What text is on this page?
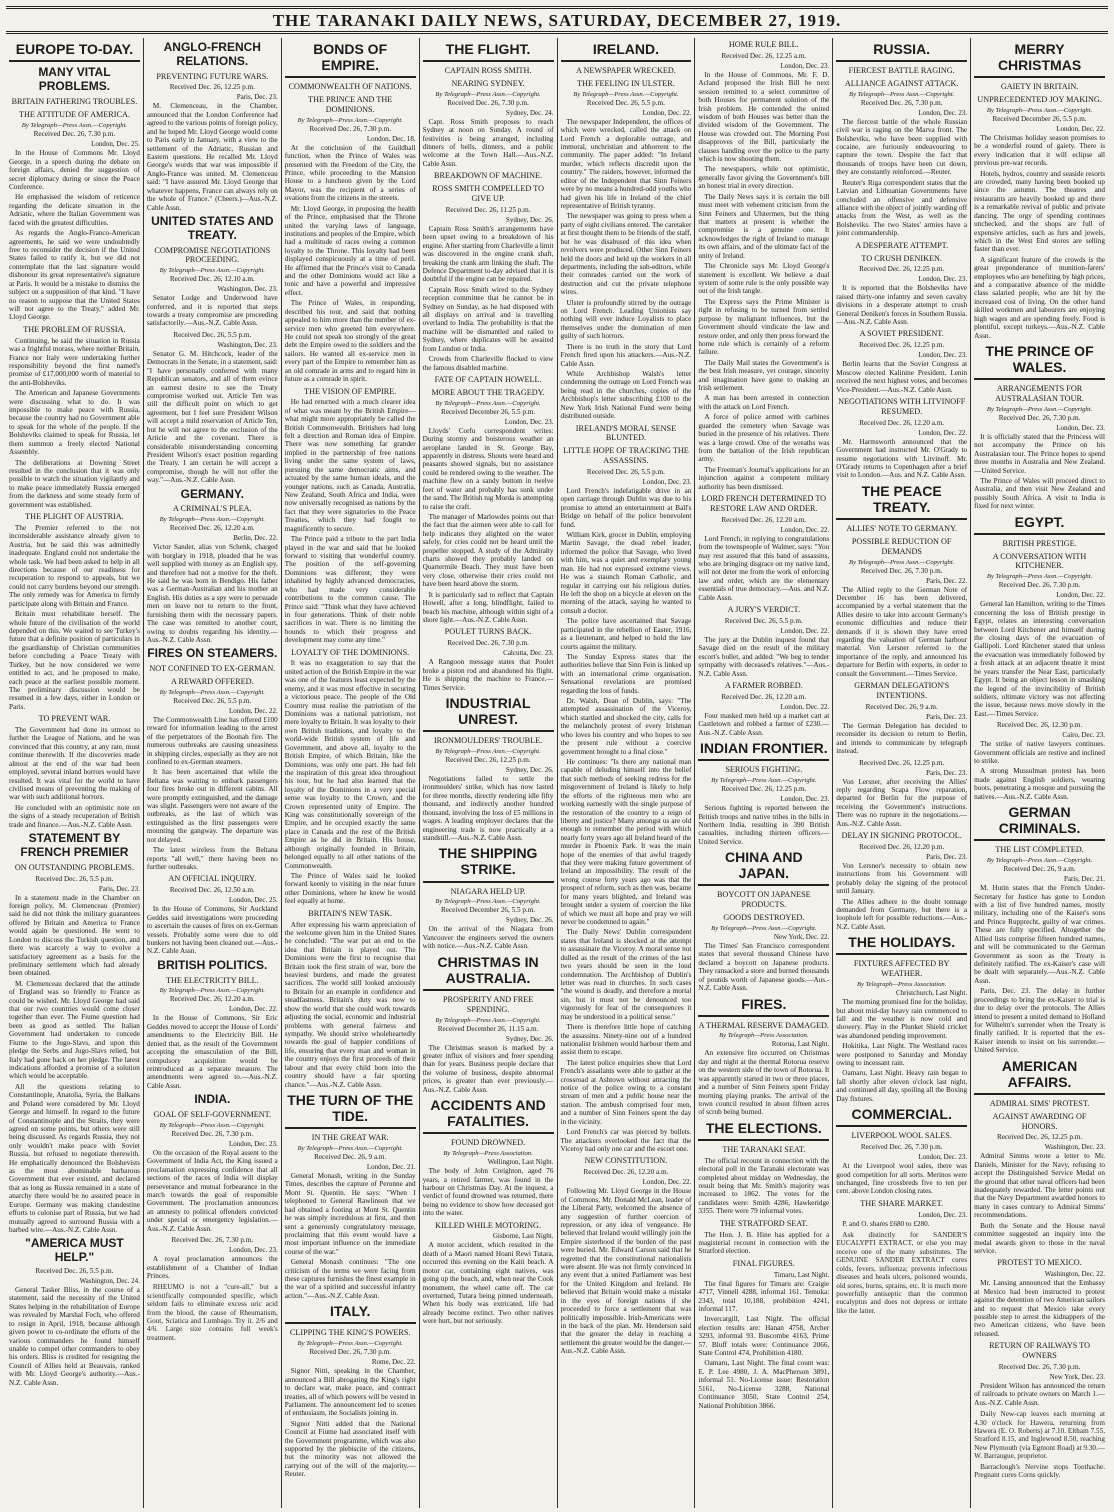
THE TARANAKI DAILY NEWS, SATURDAY, DECEMBER 27, 1919.
EUROPE TO-DAY.
MANY VITAL PROBLEMS.
BRITAIN FATHERING TROUBLES.
THE ATTITUDE OF AMERICA.
By Telegraph—Press Assn.—Copyright.
Received Dec. 26, 7.30 p.m.
London, Dec. 25.

In the House of Commons Mr. Lloyd George, in a speech during the debate on foreign affairs, denied the suggestion of secret diplomacy during or since the Peace Conference.

He emphasised the wisdom of reticence regarding the delicate situation in the Adriatic, where the Italian Government was faced with the greatest difficulties.

As regards the Anglo-Franco-American agreements, he said we were undoubtedly free to reconsider the decision if the United States failed to ratify it, but we did not contemplate that the last signature would dishonour its great representative's signature at Paris. It would be a mistake to dismiss the subject on a supposition of that kind. "I have no reason to suppose that the United States will not agree to the Treaty," added Mr. Lloyd George.

THE PROBLEM OF RUSSIA.

Continuing, he said the situation in Russia was a frightful morass, where neither Britain, France nor Italy were undertaking further responsibility beyond the first named's promise of £17,000,000 worth of material to the anti-Bolsheviks.

The American and Japanese Governments were discussing what to do. It was impossible to make peace with Russia, because the country had no Government able to speak for the whole of the people. If the Bolsheviks claimed to speak for Russia, let them summon a freely elected National Assembly.

The deliberations at Downing Street resulted in the conclusion that it was only possible to watch the situation vigilantly and to make peace immediately Russia emerged from the darkness and some steady form of government was established.

THE PLIGHT OF AUSTRIA.

The Premier referred to the not inconsiderable assistance already given to Austria, but he said this was admittedly inadequate. England could not undertake the whole task. We had been asked to help in all directions because of our readiness for recuperation to respond to appeals, but we could not carry burdens beyond our strength. The only remedy was for America to firmly participate along with Britain and France.

Britain must rehabilitate herself. The whole future of the civilisation of the world depended on this. We waited to see Turkey's future that a definite position of particulars in the guardianship of Christian communities before concluding a Peace Treaty with Turkey, but he now considered we were entitled to act, and he proposed to make, each peace at the earliest possible moment. The preliminary discussion would be resumed in a few days, either in London or Paris.

TO PREVENT WAR.

The Government had done its utmost to further the League of Nations, and he was convinced that this country, at any rate, must continue therewith. If the discoveries made almost at the end of the war had been employed, several inland horrors would have resulted. It was vital for the world to have civilised means of preventing the making of war with such additional horrors.

He concluded with an optimistic note on the signs of a steady recuperation of British trade and finance.—Aus.-N.Z. Cable Assn.

STATEMENT BY FRENCH PREMIER
ON OUTSTANDING PROBLEMS.
Received Dec. 26, 5.5 p.m.
Paris, Dec. 23.

In a statement made in the Chamber on foreign policy, M. Clemenceau (Premier) said he did not think the military guarantees offered by Britain and America to France would again be questioned. He went to London to discuss the Turkish question, and there was scarcely a way to evolve a satisfactory agreement as a basis for the preliminary settlement which had already been obtained.

M. Clemenceau declared that the attitude of England was so friendly to France as could be wished. Mr. Lloyd George had said that our two countries would come closer together than ever. The Fiume question had been as good as settled. The Italian Government had undertaken to concede Fiume to the Jugo-Slavs, and upon this pledge the Serbs and Jugo-Slavs relied, but Italy had gone back on her pledge. The latest indications afforded a promise of a solution which would be acceptable.

All the questions relating to Constantinople, Anatolia, Syria, the Balkans and Poland were considered by Mr. Lloyd George and himself. In regard to the future of Constantinople and the Straits, they were agreed on some points, but others were still being discussed. As regards Russia, they not only wouldn't make peace with Soviet Russia, but refused to negotiate therewith. He emphatically denounced the Bolshevists as the most abominable barbarous Government that ever existed, and declared that as long as Russia remained in a state of anarchy there would be no assured peace in Europe. Germany was making clandestine efforts to colonise part of Russia, but we had mutually agreed to surround Russia with a barbed wire.—Aus.-N.Z. Cable Assn.

"AMERICA MUST HELP."
Received Dec. 26, 5.5 p.m.
Washington, Dec. 24.

General Tasker Bliss, in the course of a statement, said the necessity of the United States helping in the rehabilitation of Europe was revealed by Marshal Foch, who offered to resign in April, 1918, because although given power to co-ordinate the efforts of the various commanders he found himself unable to compel other commanders to obey his orders. Bliss is credited for resigning the Council of Allies held at Beauvais, ranked with Mr. Lloyd George's authority.—Aus.-N.Z. Cable Assn.

ANGLO-FRENCH RELATIONS.
PREVENTING FUTURE WARS.
Received Dec. 26, 12.25 p.m.
Paris, Dec. 23.

M. Clemenceau, in the Chamber, announced that the London Conference had agreed to the various points of foreign policy, and he hoped Mr. Lloyd George would come to Paris early in January, with a view to the settlement of the Adriatic, Russian and Eastern questions. He recalled Mr. Lloyd George's words that war was impossible if Anglo-France was united. M. Clemenceau said: "I have assured Mr. Lloyd George that whatever happens, France can always rely on the whole of France." (Cheers.)—Aus.-N.Z. Cable Assn.

UNITED STATES AND TREATY.
COMPROMISE NEGOTIATIONS PROCEEDING.
By Telegraph—Press Assn.—Copyright.
Received Dec. 26, 12.10 a.m.
Washington, Dec. 23.

Senator Lodge and Underwood have conferred, and it is reported that steps towards a treaty compromise are proceeding satisfactorily.—Aus.-N.Z. Cable Assn.

Received Dec. 26, 5.5 p.m.
Washington, Dec. 23.

Senator G. M. Hitchcock, leader of the Democrats in the Senate, in a statement, said: "I have personally conferred with many Republican senators, and all of them evince an earnest desire to see the Treaty compromise worked out. Article Ten was still the difficult point on which to get agreement, but I feel sure President Wilson will accept a mild reservation of Article Ten, but he will not agree to the exclusion of the Article and the covenant. There is considerable misunderstanding concerning President Wilson's exact position regarding the Treaty. I am certain he will accept a compromise, though he will not offer the way."—Aus.-N.Z. Cable Assn.

GERMANY.
A CRIMINAL'S PLEA.
By Telegraph—Press Assn.—Copyright.
Received Dec. 26, 12.20 a.m.
Berlin, Dec. 22.

Victor Sander, alias von Schenk, charged with burglary in 1918, pleaded that he was well supplied with money as an English spy, and therefore had not a motive for the theft. He said he was born in Bendigo. His father was a German-Australian and his mother an English. His duties as a spy were to persuade men on leave not to return to the front, furnishing them with the necessary papers. The case was remitted to another court, owing to doubts regarding his identity.—Aus.-N.Z. Cable Assn.

FIRES ON STEAMERS.
NOT CONFINED TO EX-GERMAN.
A REWARD OFFERED.
By Telegraph—Press Assn.—Copyright.
Received Dec. 26, 5.5 p.m.
London, Dec. 22.

The Commonwealth Line has offered £100 reward for information leading to the arrest of the perpetrators of the Boonah fire. The numerous outbreaks are causing uneasiness in shipping circles, especially as they are not confined to ex-German steamers.

It has been ascertained that while the Beltana was waiting to embark passengers four fires broke out in different cabins. All were promptly extinguished, and the damage was slight. Passengers were not aware of the outbreaks, as the last of which was extinguished as the first passengers were mounting the gangway. The departure was not delayed.

The latest wireless from the Beltana reports "all well," there having been no further outbreaks.

AN OFFICIAL INQUIRY.
Received Dec. 26, 12.50 a.m.
London, Dec. 25.

In the House of Commons, Sir Auckland Geddes said investigations were proceeding to ascertain the causes of fires on ex-German vessels. Probably some were due to old bunkers not having been cleaned out.—Aus.-N.Z. Cable Assn.

BRITISH POLITICS.
THE ELECTRICITY BILL.
By Telegraph—Press Assn.—Copyright.
Received Dec. 26, 12.20 a.m.
London, Dec. 22.

In the House of Commons, Sir Eric Geddes moved to accept the House of Lords' amendments to the Electricity Bill. He denied that, as the result of the Government accepting the emasculation of the Bill, compulsory acquisition would be reintroduced as a separate measure. The amendments were agreed to.—Aus.-N.Z. Cable Assn.

INDIA.
GOAL OF SELF-GOVERNMENT.
By Telegraph—Press Assn.—Copyright.
Received Dec. 26, 7.30 p.m.
London, Dec. 23.

On the occasion of the Royal assent to the Government of India Act, the King issued a proclamation expressing confidence that all sections of the races of India will display perseverance and mutual forbearance in the march towards the goal of responsible Government. The proclamation announces an amnesty to political offenders convicted under special or emergency legislation.—Aus.-N.Z. Cable Assn.

Received Dec. 26, 7.30 p.m.
London, Dec. 23.

A royal proclamation announces the establishment of a Chamber of Indian Princes.

RHEUMO is not a "cure-all," but a scientifically compounded specific, which seldom fails to eliminate excess uric acid from the blood, the cause of Rheumatism, Gout, Sciatica and Lumbago. Try it. 2/6 and 4/6. Large size contains full week's treatment.

BONDS OF EMPIRE.
COMMONWEALTH OF NATIONS.
THE PRINCE AND THE DOMINIONS.
By Telegraph—Press Assn.—Copyright.
Received Dec. 26, 7.30 p.m.
London, Dec. 18.

At the conclusion of the Guildhall function, when the Prince of Wales was presented with the Freedom of the City, the Prince, while proceeding to the Mansion House to a luncheon given by the Lord Mayor, was the recipient of a series of ovations from the citizens in the streets.

Mr. Lloyd George, in proposing the health of the Prince, emphasised that the Throne united the varying laws of language, institutions and peoples of the Empire, which had a multitude of races owing a common loyalty to the Throne. This loyalty had been displayed conspicuously at a time of peril. He affirmed that the Prince's visit to Canada and the other Dominions would act like a tonic and have a powerful and impressive effect.

The Prince of Wales, in responding, described his tour, and said that nothing appealed to him more than the number of ex-service men who greeted him everywhere. He could not speak too strongly of the great debt the Empire owed to the soldiers and the sailors. He wanted all ex-service men in every part of the Empire to remember him as an old comrade in arms and to regard him in future as a comrade in spirit.

THE VISION OF EMPIRE.

He had returned with a much clearer idea of what was meant by the British Empire—what might more appropriately be called the British Commonwealth. Britishers had long felt a direction and Roman idea of Empire. There was now something far grander implied in the partnership of free nations living under the same system of laws, pursuing the same democratic aims, and actuated by the same human ideals, and the younger nations, such as Canada, Australia, New Zealand, South Africa and India, were now universally recognised as nations by the fact that they were signatories to the Peace Treaties, which they had fought to magnificently to secure.

The Prince paid a tribute to the part India played in the war and said that he looked forward to visiting that wonderful country. The position of the self-governing Dominions was different; they were inhabited by highly advanced democracies, who had made very considerable contributions to the common cause. The Prince said: "Think what they have achieved in four generations. Think of their noble sacrifices in war. There is no limiting the bounds to which their progress and development may come any time."

LOYALTY OF THE DOMINIONS.

It was no exaggeration to say that the united action of the British Empire in the war was one of the features least expected by the enemy, and it was most effective in securing a victorious peace. The people of the Old Country must realise the patriotism of the Dominions was a national patriotism, not mere loyalty to Britain. It was loyalty to their own British traditions, and loyalty to the world-wide British system of life and Government, and above all, loyalty to the British Empire, of which Britain, like the Dominions, was only one part. He had felt the inspiration of this great idea throughout his tour, but he had also learned that the loyalty of the Dominions in a very special sense was loyalty to the Crown, and the Crown represented unity of Empire. The King was constitutionally sovereign of the Empire, and he occupied exactly the same place in Canada and the rest of the British Empire as he did in Britain. His house, although originally founded in Britain, belonged equally to all other nations of the Commonwealth.

The Prince of Wales said he looked forward keenly to visiting in the near future other Dominions, where he knew he would feel equally at home.

BRITAIN'S NEW TASK.

After expressing his warm appreciation of the welcome given him in the United States he concluded: "The war put an end to the idea that Britain is played out. The Dominions were the first to recognise that Britain took the first strain of war, bore the heaviest burdens, and made the greatest sacrifices. The world still looked anxiously to Britain for an example in confidence and steadfastness. Britain's duty was now to show the world that she could work towards adjusting the social, economic and industrial problems with general fairness and sympathy. We should strive wholeheartedly towards the goal of happier conditions of life, ensuring that every man and woman in the country enjoys the first proceeds of their labour and that every child born into the country should have a fair sporting chance."—Aus.-N.Z. Cable Assn.

THE TURN OF THE TIDE.
IN THE GREAT WAR.
By Telegraph—Press Assn.—Copyright.
Received Dec. 26, 9 a.m.
London, Dec. 21.

General Monash, writing in the Sunday Times, describes the capture of Peronne and Mont St. Quentin. He says: "When I telephoned to General Rawlinson that we had obtained a footing at Mont St. Quentin he was simply incredulous at first, and then sent a generously congratulatory message, proclaiming that this event would have a most important influence on the immediate course of the war."

General Monash continues: "The one criticism of the terms we were facing from these captures furnishes the finest example in the war of a spirited and successful infantry action."—Aus.-N.Z. Cable Assn.

ITALY.
CLIPPING THE KING'S POWERS.
By Telegraph—Press Assn.—Copyright.
Received Dec. 26, 7.30 p.m.
Rome, Dec. 22.

Signor Nitti, speaking in the Chamber, announced a Bill abrogating the King's right to declare war, make peace, and contract treaties, all of which powers will be vested in Parliament. The announcement led to scenes of enthusiasm, the Socialists joining in.

Signor Nitti added that the National Council at Fiume had associated itself with the Government programme, which was also supported by the plebiscite of the citizens, but the minority was not allowed the carrying out of the will of the majority.—Reuter.

THE FLIGHT.
CAPTAIN ROSS SMITH.
NEARING SYDNEY.
By Telegraph—Press Assn.—Copyright.
Received Dec. 26, 7.30 p.m.
Sydney, Dec. 24.

Capt. Ross Smith proposes to reach Sydney at noon on Sunday. A round of festivities is being arranged, including dinners of bells, dinners, and a public welcome at the Town Hall.—Aus.-N.Z. Cable Assn.

BREAKDOWN OF MACHINE.
ROSS SMITH COMPELLED TO GIVE UP.
Received Dec. 26, 11.25 p.m.
Sydney, Dec. 26.

Captain Ross Smith's arrangements have been upset owing to a breakdown of his engine. After starting from Charleville a limit was discovered in the engine crank shaft, breaking the crank arm linking the shaft. The Defence Department to-day advised that it is doubtful if the engine can be repaired.

Captain Ross Smith wired to the Sydney reception committee that he cannot be in Sydney on Sunday, as he had disposed with all displays on arrival and is travelling overland to India. The probability is that the machine will be dismantled and railed to Sydney, where duplicates will be awaited from London or India.

Crowds from Charleville flocked to view the famous disabled machine.

FATE OF CAPTAIN HOWELL.
MORE ABOUT THE TRAGEDY.
By Telegraph—Press Assn.—Copyright.
Received December 26, 5.5 p.m.
London, Dec. 23.

Lloyds' Corfu correspondent writes: During stormy and boisterous weather an aeroplane landed in St. George Bay, apparently in distress. Shouts were heard and peasants showed signals, but no assistance could be rendered owing to the weather. The machine flew on a sandy bottom in twelve feet of water and probably has sunk under the sand. The British tug Morda is attempting to raise the craft.

The manager of Marlowdes points out that the fact that the airmen were able to call for help indicates they alighted on the water safely, for cries could not be heard until the propeller stopped. A study of the Admiralty charts showed they probably landed on Quartermile Beach. They must have been very close, otherwise their cries could not have been heard above the storm.

It is particularly sad to reflect that Captain Howell, after a long, blindflight, failed to beach his machine, although within sight of a shore light.—Aus.-N.Z. Cable Assn.

POULET TURNS BACK.
Received Dec. 26, 7.30 p.m.
Calcutta, Dec. 23.

A Rangoon message states that Poulet broke a piston rod and abandoned his flight. He is shipping the machine to France.—Times Service.

INDUSTRIAL UNREST.
IRONMOULDERS' TROUBLE.
By Telegraph—Press Assn.—Copyright.
Received Dec. 26, 12.25 p.m.
Sydney, Dec. 26.

Negotiations failed to settle the ironmoulders' strike, which has now lasted for three months, directly rendering idle fifty thousand, and indirectly another hundred thousand, involving the loss of £5 millions in wages. A leading employer declares that the engineering trade is now practically at a standstill.—Aus.-N.Z. Cable Assn.

THE SHIPPING STRIKE.
NIAGARA HELD UP.
By Telegraph—Press Assn.—Copyright.
Received December 26, 5.5 p.m.
Sydney, Dec. 26.

On the arrival of the Niagara from Vancouver the engineers served the owners with notice.—Aus.-N.Z. Cable Assn.

CHRISTMAS IN AUSTRALIA.
PROSPERITY AND FREE SPENDING.
By Telegraph—Press Assn.—Copyright.
Received December 26, 11.15 a.m.
Sydney, Dec. 26.

The Christmas season is marked by a greater influx of visitors and freer spending than for years. Business people declare that the volume of business, despite abnormal prices, is greater than ever previously.—Aus.-N.Z. Cable Assn.

ACCIDENTS AND FATALITIES.
FOUND DROWNED.
By Telegraph—Press Association.
Wellington, Last Night.

The body of John Creighton, aged 76 years, a retired farmer, was found in the harbour on Christmas Day. At the inquest, a verdict of found drowned was returned, there being no evidence to show how deceased got into the water.

KILLED WHILE MOTORING.
Gisborne, Last Night.

A motor accident, which resulted in the death of a Maori named Hoani Rewi Tutara, occurred this evening on the Kaiti beach. A motor car, containing eight natives, was going up the beach, and, when near the Cook monument, the wheel came off. The car overturned, Tutara being pinned underneath. When his body was extricated, life had already become extinct. Two other natives were hurt, but not seriously.

IRELAND.
A NEWSPAPER WRECKED.
THE FEELING IN ULSTER.
By Telegraph—Press Assn.—Copyright.
Received Dec. 26, 5.5 p.m.
London, Dec. 22.

The newspaper Independent, the offices of which were wrecked, called the attack on Lord French a deplorable outrage, and immoral, unchristian and abhorrent to the community. The paper added: "In Ireland murder, which reflects discredit upon the country." The raiders, however, informed the editor of the Independent that Sinn Feiners were by no means a hundred-odd youths who had given his life in Ireland of the chief representative of British tyranny.

The newspaper was going to press when a party of eight civilians entered. The caretaker at first thought them to be friends of the staff, but he was disabused of this idea when revolvers were produced. Other Sinn Feiners held the doors and held up the workers in all departments, including the sub-editors, while their comrades carried out the work of destruction and cut the private telephone wires.

Ulster is profoundly stirred by the outrage on Lord French. Leading Unionists say nothing will ever induce Loyalists to place themselves under the domination of men guilty of such horrors.

There is no truth in the story that Lord French fired upon his attackers.—Aus.-N.Z. Cable Assn.

While Archbishop Walsh's letter condemning the outrage on Lord French was being read in the churches, copies of the Archbishop's letter subscribing £100 to the New York Irish National Fund were being distributed outside.

IRELAND'S MORAL SENSE BLUNTED.
LITTLE HOPE OF TRACKING THE ASSASSINS.
Received Dec. 26, 5.5 p.m.
London, Dec. 23.

Lord French's indefatigable drive in an open carriage through Dublin was due to his promise to attend an entertainment at Ball's Bridge on behalf of the police benevolent fund.

William Kirk, grocer in Dublin, employing Martin Savage, the dead rebel leader, informed the police that Savage, who lived with him, was a quiet and exemplary young man. He had not expressed extreme views. He was a staunch Roman Catholic, and regular in carrying out his religious duties. He left the shop on a bicycle at eleven on the morning of the attack, saying he wanted to consult a doctor.

The police have ascertained that Savage participated in the rebellion of Easter, 1916, as a lieutenant, and helped to hold the law courts against the military.

The Sunday Express states that the authorities believe that Sinn Fein is linked up with an international crime organisation. Sensational revelations are promised regarding the loss of funds.

Dr. Walsh, Dean of Dublin, says: "The attempted assassination of the Viceroy, which startled and shocked the city, calls for the melancholy protest of every Irishman who loves his country and who hopes to see the present rule without a coercive government brought to a final close."

He continues: "Is there any national man capable of deluding himself into the belief that such methods of seeking redress for the misgovernment of Ireland is likely to help the efforts of the righteous men who are working earnestly with the single purpose of the restoration of the country to a reign of liberty and justice? Many amongst us are old enough to remember the period with which nearly forty years ago all Ireland heard of the murder in Phoenix Park. It was the main hope of the enemies of that awful tragedy that they were making future government of Ireland an impossibility. The result of the wrong course forty years ago was that the prospect of reform, such as then was, became for many years blighted, and Ireland was brought under a system of coercion the like of which we must all hope and pray we will never be condemned to again."

The Daily News' Dublin correspondent states that Ireland is shocked at the attempt to assassinate the Viceroy. A moral sense not dulled as the result of the crimes of the last two years should be seen in the loud condemnation. The Archbishop of Dublin's letter was read in churches. In such cases "the wound is deadly, and therefore a mortal sin, but it must not be denounced too vigorously for fear of the consequences it may be understood in a political sense."

There is therefore little hope of catching the assassins. Ninety-nine out of a hundred nationalist Irishmen would harbour them and assist them to escape.

The latest police enquiries show that Lord French's assailants were able to gather at the crossroad at Ashtown without attracting the notice of the police owing to a constant stream of men and a public house near the station. The ambush comprised four men, and a number of Sinn Feiners spent the day in the vicinity.

Lord French's car was pierced by bullets. The attackers overlooked the fact that the Viceroy had only one car and the escort one.

NEW CONSTITUTION.
Received Dec. 26, 12.20 a.m.
London, Dec. 22.

Following Mr. Lloyd George in the House of Commons, Mr. Donald McLean, leader of the Liberal Party, welcomed the absence of any suggestion of further coercion of repression, or any idea of vengeance. He believed that Ireland would willingly join the Empire sisterhood if the burden of the past were buried. Mr. Edward Carson said that he regretted that the constitutional nationalists were absent. He was not firmly convinced in any event that a united Parliament was best for the United Kingdom and Ireland. He believed that Britain would make a mistake in the eyes of foreign nations if she proceeded to force a settlement that was politically impossible. Irish-Americans were in the back of the plan. Mr. Henderson said that the greater the delay in reaching a settlement the greater would be the danger.—Aus.-N.Z. Cable Assn.

HOME RULE BILL.
Received Dec. 26, 12.25 a.m.
London, Dec. 23.

In the House of Commons, Mr. F. D. Acland proposed the Irish Bill be next session remitted to a select committee of both Houses for permanent solution of the Irish problem. He contended the united wisdom of both Houses was better than the divided wisdom of the Government. The House was crowded out. The Morning Post disapproves of the Bill, particularly the clauses handing over the police to the party which is now shooting them.

The newspapers, while not optimistic, generally favor giving the Government's bill an honest trial in every direction.

The Daily News says it is certain the bill must meet with vehement criticism from the Sinn Feiners and Ulstermen, but the thing that matters at present is whether the compromise is a genuine one. It acknowledges the right of Ireland to manage its own affairs, and of the ultimate fact of the unity of Ireland.

The Chronicle says Mr. Lloyd George's statement is excellent. We believe a dual system of some rule is the only possible way out of the Irish tangle.

The Express says the Prime Minister is right in refusing to be turned from settled purpose by malignant influences, but the Government should vindicate the law and restore order, and only then press forward the home rule which is certainly of a reform failure.

The Daily Mail states the Government's is the best Irish measure, yet courage, sincerity and imagination have gone to making an Irish settlement.

A man has been arrested in connection with the attack on Lord French.

A force of police armed with carbines guarded the cemetery when Savage was buried in the presence of his relatives. There was a large crowd. One of the wreaths was from the battalion of the Irish republican army.

The Freeman's Journal's applications for an injunction against a competent military authority has been dismissed.

LORD FRENCH DETERMINED TO RESTORE LAW AND ORDER.
Received Dec. 26, 12.20 a.m.
London, Dec. 22.

Lord French, in replying to congratulations from the townspeople of Walmer, says: "You may rest assured that this band of assassins, who are bringing disgrace on my native land, will not deter me from the work of enforcing law and order, which are the elementary essentials of true democracy.—Aus. and N.Z. Cable Assn.

A JURY'S VERDICT.
Received Dec. 26, 5.5 p.m.
London, Dec. 22.

The jury at the Dublin inquest found that Savage died on the result of the military escort's bullet, and added: "We beg to tender sympathy with deceased's relatives."—Aus.-N.Z. Cable Assn.

A FARMER ROBBED.
Received Dec. 26, 12.20 a.m.
London, Dec. 22.

Four masked men held up a market cart at Castletown and robbed a farmer of £230.—Aus.-N.Z. Cable Assn.

INDIAN FRONTIER.
SERIOUS FIGHTING.
By Telegraph—Press Assn.—Copyright.
Received Dec. 26, 12.25 p.m.
London, Dec. 23.

Serious fighting is reported between the British troops and native tribes in the hills in Northern India, resulting in 390 British casualties, including thirteen officers.—United Service.

CHINA AND JAPAN.
BOYCOTT ON JAPANESE PRODUCTS.
GOODS DESTROYED.
By Telegraph—Press Assn.—Copyright.
New York, Dec. 22.

The Times' San Francisco correspondent states that several thousand Chinese have declared a boycott on Japanese products. They ransacked a store and burned thousands of pounds worth of Japanese goods.—Aus.-N.Z. Cable Assn.

FIRES.
A THERMAL RESERVE DAMAGED.
By Telegraph—Press Association.
Rotorua, Last Night.

An extensive fire occurred on Christmas day and night at the thermal Rotorua reserve on the western side of the town of Rotorua. It was apparently started in two or three places, and a number of Sinn Feiners spent Friday morning playing pranks. The arrival of the town council resulted in about fifteen acres of scrub being burned.

THE ELECTIONS.
THE TARANAKI SEAT.

The official recount in connection with the electoral poll in the Taranaki electorate was completed about midday on Wednesday, the result being that Mr. Smith's majority was increased to 1862. The votes for the candidates were: Smith 4286, Hawkeridge 3355. There were 79 informal votes.

THE STRATFORD SEAT.

The Hon. J. B. Hine has applied for a magisterial recount in connection with the Stratford election.

FINAL FIGURES.
Timaru, Last Night.

The final figures for Timaru are: Craigie 4717, Vinnell 4288, informal 161. Temuka: 2343, total 10,188, prohibition 4241, informal 117.

Invercargill, Last Night. The official election results are: Hanan 4758, Archer 3293, informal 93. Buscombe 4163, Prime 57. Bluff totals were: Continuance 2066, State Control 474, Prohibition 4180.

Oamaru, Last Night. The final count was: E. P. Lee 4980, J. A. MacPherson 3891, informal 51. No-License issue: Restoration 5161, No-License 3288, National Continuance 3050, State Control 254, National Prohibition 3866.

RUSSIA.
FIERCEST BATTLE RAGING.
ALLIANCE AGAINST ATTACK.
By Telegraph—Press Assn.—Copyright.
Received Dec. 26, 7.30 p.m.
London, Dec. 23.

The fiercest battle of the whole Russian civil war is raging on the Marva front. The Bolsheviks, who have been supplied with cocaine, are furiously endeavouring to capture the town. Despite the fact that thousands of troops have been cut down, they are constantly reinforced.—Reuter.

Reuter's Riga correspondent states that the Latvian and Lithuanian Governments have concluded an offensive and defensive alliance with the object of jointly warding off attacks from the West, as well as the Bolsheviks. The two States' armies have a joint commandership.

A DESPERATE ATTEMPT.
TO CRUSH DENIKEN.
Received Dec. 26, 12.25 p.m.
London, Dec. 23.

It is reported that the Bolsheviks have raised thirty-one infantry and seven cavalry divisions in a desperate attempt to crush General Deniken's forces in Southern Russia.—Aus.-N.Z. Cable Assn.

A SOVIET PRESIDENT.
Received Dec. 26, 12.25 p.m.
London, Dec. 23.

Berlin learns that the Soviet Congress at Moscow elected Kalinine President. Lenin received the next highest votes, and becomes Vice-President.—Aus.-N.Z. Cable Assn.

NEGOTIATIONS WITH LITVINOFF RESUMED.
Received Dec. 26, 12.20 a.m.
London, Dec. 22.

Mr. Harmsworth announced that the Government had instructed Mr. O'Grady to resume negotiations with Litvinoff. Mr. O'Grady returns to Copenhagen after a brief visit to London.—Aus. and N.Z. Cable Assn.

THE PEACE TREATY.
ALLIES' NOTE TO GERMANY.
POSSIBLE REDUCTION OF DEMANDS
By Telegraph—Press Assn.—Copyright.
Received Dec. 26, 7.30 p.m.
Paris, Dec. 22.

The Allied reply to the German Note of December 16 has been delivered, accompanied by a verbal statement that the Allies desire to take into account Germany's economic difficulties and reduce their demands if it is shown they have erred regarding the valuation of German harbour material. Von Lersner referred to the importance of the reply, and announced his departure for Berlin with experts, in order to consult the Government.—Times Service.

GERMAN DELEGATION'S INTENTIONS.
Received Dec. 26, 9 a.m.
Paris, Dec. 23.

The German Delegation has decided to reconsider its decision to return to Berlin, and intends to communicate by telegraph instead.

Received Dec. 26, 12.25 p.m.
Paris, Dec. 23.

Von Lersner, after receiving the Allies' reply regarding Scapa Flow reparation, departed for Berlin for the purpose of receiving the Government's instructions. There was no rupture in the negotiations.—Aus.-N.Z. Cable Assn.

DELAY IN SIGNING PROTOCOL.
Received Dec. 26, 12.20 p.m.
Paris, Dec. 23.

Von Lersner's necessity to obtain new instructions from his Government will probably delay the signing of the protocol until January.

The Allies adhere to the doubt tonnage demanded from Germany, but there is a loophole left for possible reductions.—Aus.-N.Z. Cable Assn.

THE HOLIDAYS.
FIXTURES AFFECTED BY WEATHER.
By Telegraph—Press Association.
Christchurch, Last Night.

The morning promised fine for the holiday, but about mid-day heavy rain commenced to fall and the weather is now cold and showery. Play in the Plunket Shield cricket was abandoned pending improvement.

Hokitika, Last Night. The Westland races were postponed to Saturday and Monday owing to incessant rain.

Oamaru, Last Night. Heavy rain began to fall shortly after eleven o'clock last night, and continued all day, spoiling all the Boxing Day fixtures.

COMMERCIAL.
LIVERPOOL WOOL SALES.
Received Dec. 26, 7.30 p.m.
London, Dec. 23.

At the Liverpool wool sales, there was good competition for all sorts. Merinos were unchanged, fine crossbreds five to ten per cent. above London closing rates.

THE SHARE MARKET.
London, Dec. 23.

P. and O. shares £680 to £280.

Ask distinctly for SANDER'S EUCALYPTI EXTRACT, or else you may receive one of the many substitutes. The GENUINE SANDER EXTRACT cures colds, fevers, influenza; prevents infectious diseases and heals ulcers, poisoned wounds, old sores, burns, sprains, etc. It is much more powerfully antiseptic than the common eucalyptus and does not depress or irritate like the latter.

MERRY CHRISTMAS
GAIETY IN BRITAIN.
UNPRECEDENTED JOY MAKING.
By Telegraph—Press Assn.—Copyright.
Received December 26, 5.5 p.m.
London, Dec. 22.

The Christmas holiday season promises to be a wonderful round of gaiety. There is every indication that it will eclipse all previous pre-war records.

Hotels, hydros, country and seaside resorts are crowded, many having been booked up since the autumn. The theatres and restaurants are heavily booked up and there is a remarkable revival of public and private dancing. The orgy of spending continues unchecked, and the shops are full of expensive articles, such as furs and jewels, which in the West End stores are selling faster than ever.

A significant feature of the crowds is the great preponderance of munition-farers' employees who are benefiting by high prices, and a comparative absence of the middle class salaried people, who are hit by the increased cost of living. On the other hand skilled workmen and labourers are enjoying high wages and are spending freely. Food is plentiful, except turkeys.—Aus.-N.Z. Cable Assn.

THE PRINCE OF WALES.
ARRANGEMENTS FOR AUSTRALASIAN TOUR.
By Telegraph—Press Assn.—Copyright.
Received Dec. 26, 7.30 p.m.
London, Dec. 23.

It is officially stated that the Princess will not accompany the Prince on his Australasian tour. The Prince hopes to spend three months in Australia and New Zealand.—United Service.

The Prince of Wales will proceed direct to Australia, and then visit New Zealand and possibly South Africa. A visit to India is fixed for next winter.

EGYPT.
BRITISH PRESTIGE.
A CONVERSATION WITH KITCHENER.
By Telegraph—Press Assn.—Copyright.
Received Dec. 26, 7.30 p.m.
London, Dec. 22.

General Ian Hamilton, writing to the Times concerning the loss of British prestige in Egypt, relates an interesting conversation between Lord Kitchener and himself during the closing days of the evacuation of Gallipoli. Lord Kitchener stated that unless the evacuation was immediately followed by a fresh attack at an adjacent theatre it must be years transfer the Near East, particularly Egypt. It being an object lesson in smashing the legend of the invincibility of British soldiers, ultimate victory was not affecting the issue, because news move slowly in the East.—Times Service.

Received Dec. 26, 12.30 p.m.
Cairo, Dec. 23.

The strike of native lawyers continues. Government officials are restive and inclined to strike.

A strong Mussulman protest has been made against English soldiers, wearing boots, penetrating a mosque and pursuing the natives.—Aus.-N.Z. Cable Assn.

GERMAN CRIMINALS.
THE LIST COMPLETED.
By Telegraph—Press Assn.—Copyright.
Received Dec. 26, 9 a.m.
Paris, Dec. 21.

M. Hutin states that the French Under-Secretary for Justice has gone to London with a list of five hundred names, mostly military, including one of the Kaiser's sons and Prince Rupprecht, guilty of war crimes. These are fully specified. Altogether the Allied lists comprise fifteen hundred names, and will be communicated to the German Government as soon as the Treaty is definitely ratified. The ex-Kaiser's case will be dealt with separately.—Aus.-N.Z. Cable Assn.

Paris, Dec. 23. The delay in further proceedings to bring the ex-Kaiser to trial is due to delay over the protocols. The Allies intend to present a united demand to Holland for Wilhelm's surrender when the Treaty is finally ratified. It is reported that the ex-Kaiser intends to insist on his surrender.—United Service.

AMERICAN AFFAIRS.
ADMIRAL SIMS' PROTEST.
AGAINST AWARDING OF HONORS.
Received Dec. 26, 12.25 p.m.
Washington, Dec. 23.

Admiral Simms wrote a letter to Mr. Daniels, Minister for the Navy, refusing to accept the Distinguished Service Medal on the ground that other naval officers had been inadequately rewarded. The letter points out that the Navy Department awarded honors to many in cases contrary to Admiral Simms' recommendations.

Both the Senate and the House naval committee suggested an inquiry into the medal awards given to those in the naval service.

PROTEST TO MEXICO.
Washington, Dec. 22.

Mr. Lansing announced that the Embassy at Mexico had been instructed to protest against the detention of two American sailors and to request that Mexico take every possible step to arrest the kidnappers of the two American citizens, who have been released.

RETURN OF RAILWAYS TO OWNERS
Received Dec. 26, 7.30 p.m.
New York, Dec. 23.

President Wilson has announced the return of railroads to private owners on March 1.—Aus.-N.Z. Cable Assn.

Daily New-cap leaves each morning at 4.30 o'clock for Hawera, returning from Hawera (E. O. Roberts) at 7.10. Eltham 7.55, Stratford 8.15, and Inglewood 8.50, reaching New Plymouth (via Egmont Road) at 9.30.—W. Barraugue, proprietor.

Barraclough's Nervine stops Toothache. Pregnant cures Corns quickly.
